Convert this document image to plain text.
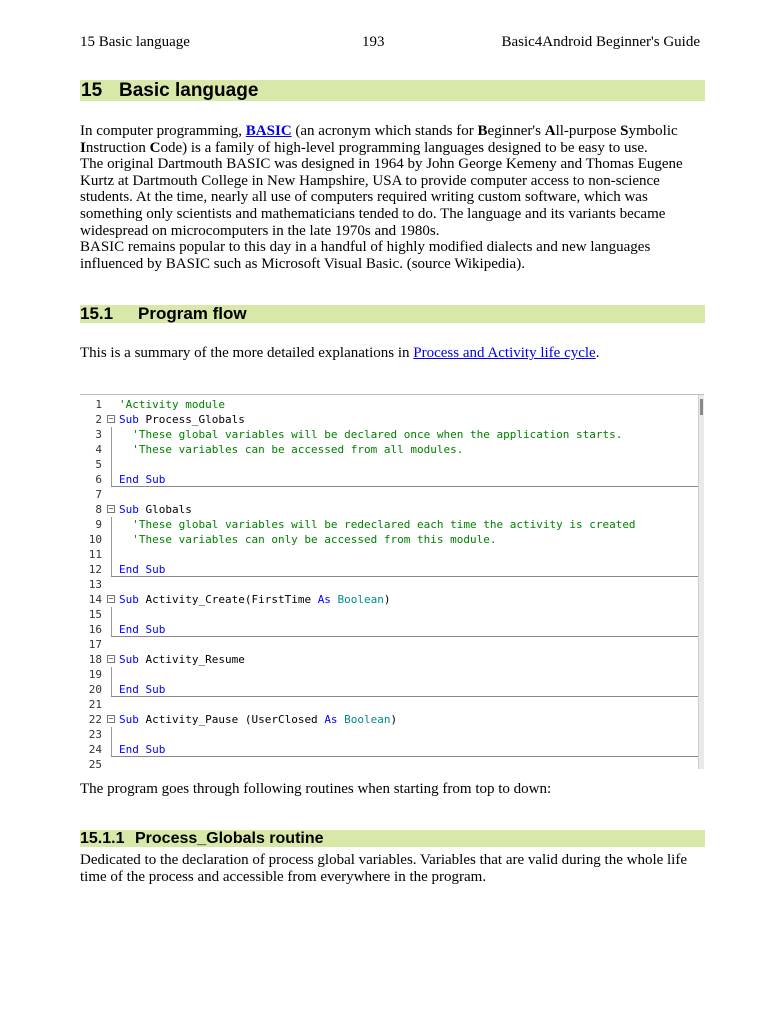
15 Basic language	193	Basic4Android Beginner's Guide
15 Basic language

In computer programming, BASIC (an acronym which stands for Beginner's All-purpose Symbolic Instruction Code) is a family of high-level programming languages designed to be easy to use.

The original Dartmouth BASIC was designed in 1964 by John George Kemeny and Thomas Eugene Kurtz at Dartmouth College in New Hampshire, USA to provide computer access to non-science students. At the time, nearly all use of computers required writing custom software, which was something only scientists and mathematicians tended to do. The language and its variants became widespread on microcomputers in the late 1970s and 1980s.

BASIC remains popular to this day in a handful of highly modified dialects and new languages influenced by BASIC such as Microsoft Visual Basic. (source Wikipedia).

15.1 Program flow
This is a summary of the more detailed explanations in Process and Activity life cycle.
1 'Activity module
2 − Sub Process_Globals
3 'These global variables will be declared once when the application starts.
4 'These variables can be accessed from all modules.
5
6 End Sub
7
8 − Sub Globals
9 'These global variables will be redeclared each time the activity is created
10 'These variables can only be accessed from this module.
11
12 End Sub
13
14 − Sub Activity_Create(FirstTime As Boolean)
15
16 End Sub
17
18 − Sub Activity_Resume
19
20 End Sub
21
22 − Sub Activity_Pause (UserClosed As Boolean)
23
24 End Sub
25
The program goes through following routines when starting from top to down:
15.1.1 Process_Globals routine
Dedicated to the declaration of process global variables. Variables that are valid during the whole life time of the process and accessible from everywhere in the program.
